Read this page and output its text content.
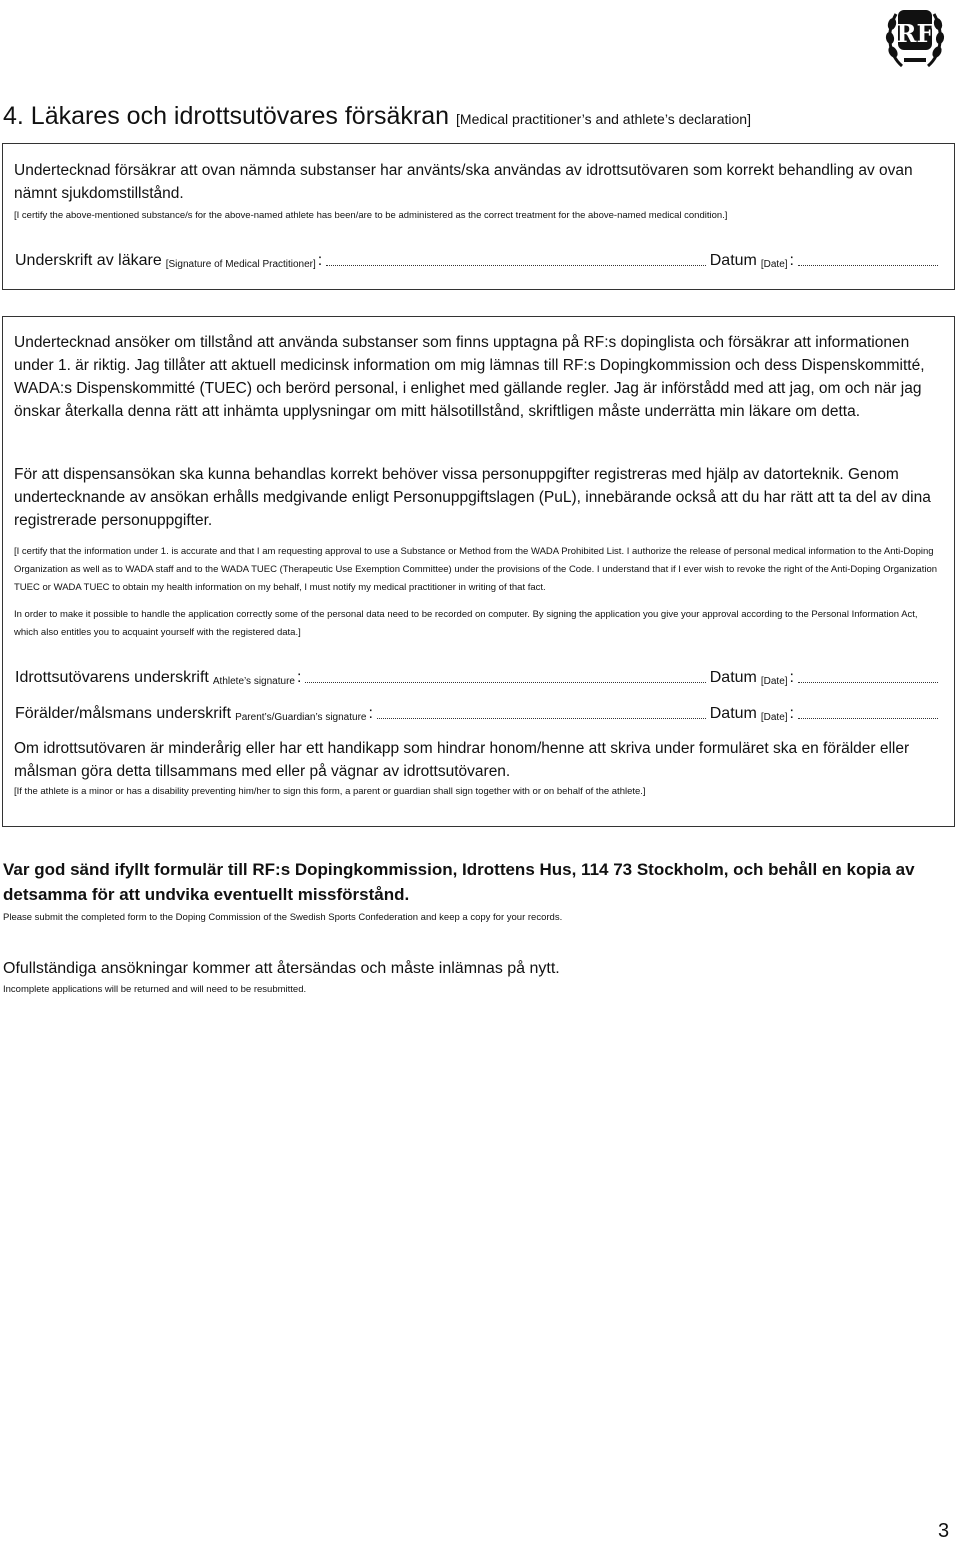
RF
4. Läkares och idrottsutövares försäkran [Medical practitioner’s and athlete’s declaration]

Undertecknad försäkrar att ovan nämnda substanser har använts/ska användas av idrottsutövaren som korrekt behandling av ovan nämnt sjukdomstillstånd.

[I certify the above-mentioned substance/s for the above-named athlete has been/are to be administered as the correct treatment for the above-named medical condition.]

Underskrift av läkare [Signature of Medical Practitioner] :	Datum [Date] :

Undertecknad ansöker om tillstånd att använda substanser som finns upptagna på RF:s dopinglista och försäkrar att informationen under 1. är riktig. Jag tillåter att aktuell medicinsk information om mig lämnas till RF:s Dopingkommission och dess Dispenskommitté, WADA:s Dispenskommitté (TUEC) och berörd personal, i enlighet med gällande regler. Jag är införstådd med att jag, om och när jag önskar återkalla denna rätt att inhämta upplysningar om mitt hälsotillstånd, skriftligen måste underrätta min läkare om detta.

För att dispensansökan ska kunna behandlas korrekt behöver vissa personuppgifter registreras med hjälp av datorteknik. Genom undertecknande av ansökan erhålls medgivande enligt Personuppgiftslagen (PuL), innebärande också att du har rätt att ta del av dina registrerade personuppgifter.

[I certify that the information under 1. is accurate and that I am requesting approval to use a Substance or Method from the WADA Prohibited List. I authorize the release of personal medical information to the Anti-Doping Organization as well as to WADA staff and to the WADA TUEC (Therapeutic Use Exemption Committee) under the provisions of the Code. I understand that if I ever wish to revoke the right of the Anti-Doping Organization TUEC or WADA TUEC to obtain my health information on my behalf, I must notify my medical practitioner in writing of that fact.

In order to make it possible to handle the application correctly some of the personal data need to be recorded on computer. By signing the application you give your approval according to the Personal Information Act, which also entitles you to acquaint yourself with the registered data.]

Idrottsutövarens underskrift Athlete’s signature :	Datum [Date] :
Förälder/målsmans underskrift Parent’s/Guardian’s signature :	Datum [Date] :

Om idrottsutövaren är minderårig eller har ett handikapp som hindrar honom/henne att skriva under formuläret ska en förälder eller målsman göra detta tillsammans med eller på vägnar av idrottsutövaren.

[If the athlete is a minor or has a disability preventing him/her to sign this form, a parent or guardian shall sign together with or on behalf of the athlete.]

Var god sänd ifyllt formulär till RF:s Dopingkommission, Idrottens Hus, 114 73 Stockholm, och behåll en kopia av detsamma för att undvika eventuellt missförstånd.

Please submit the completed form to the Doping Commission of the Swedish Sports Confederation and keep a copy for your records.

Ofullständiga ansökningar kommer att återsändas och måste inlämnas på nytt.

Incomplete applications will be returned and will need to be resubmitted.

3
